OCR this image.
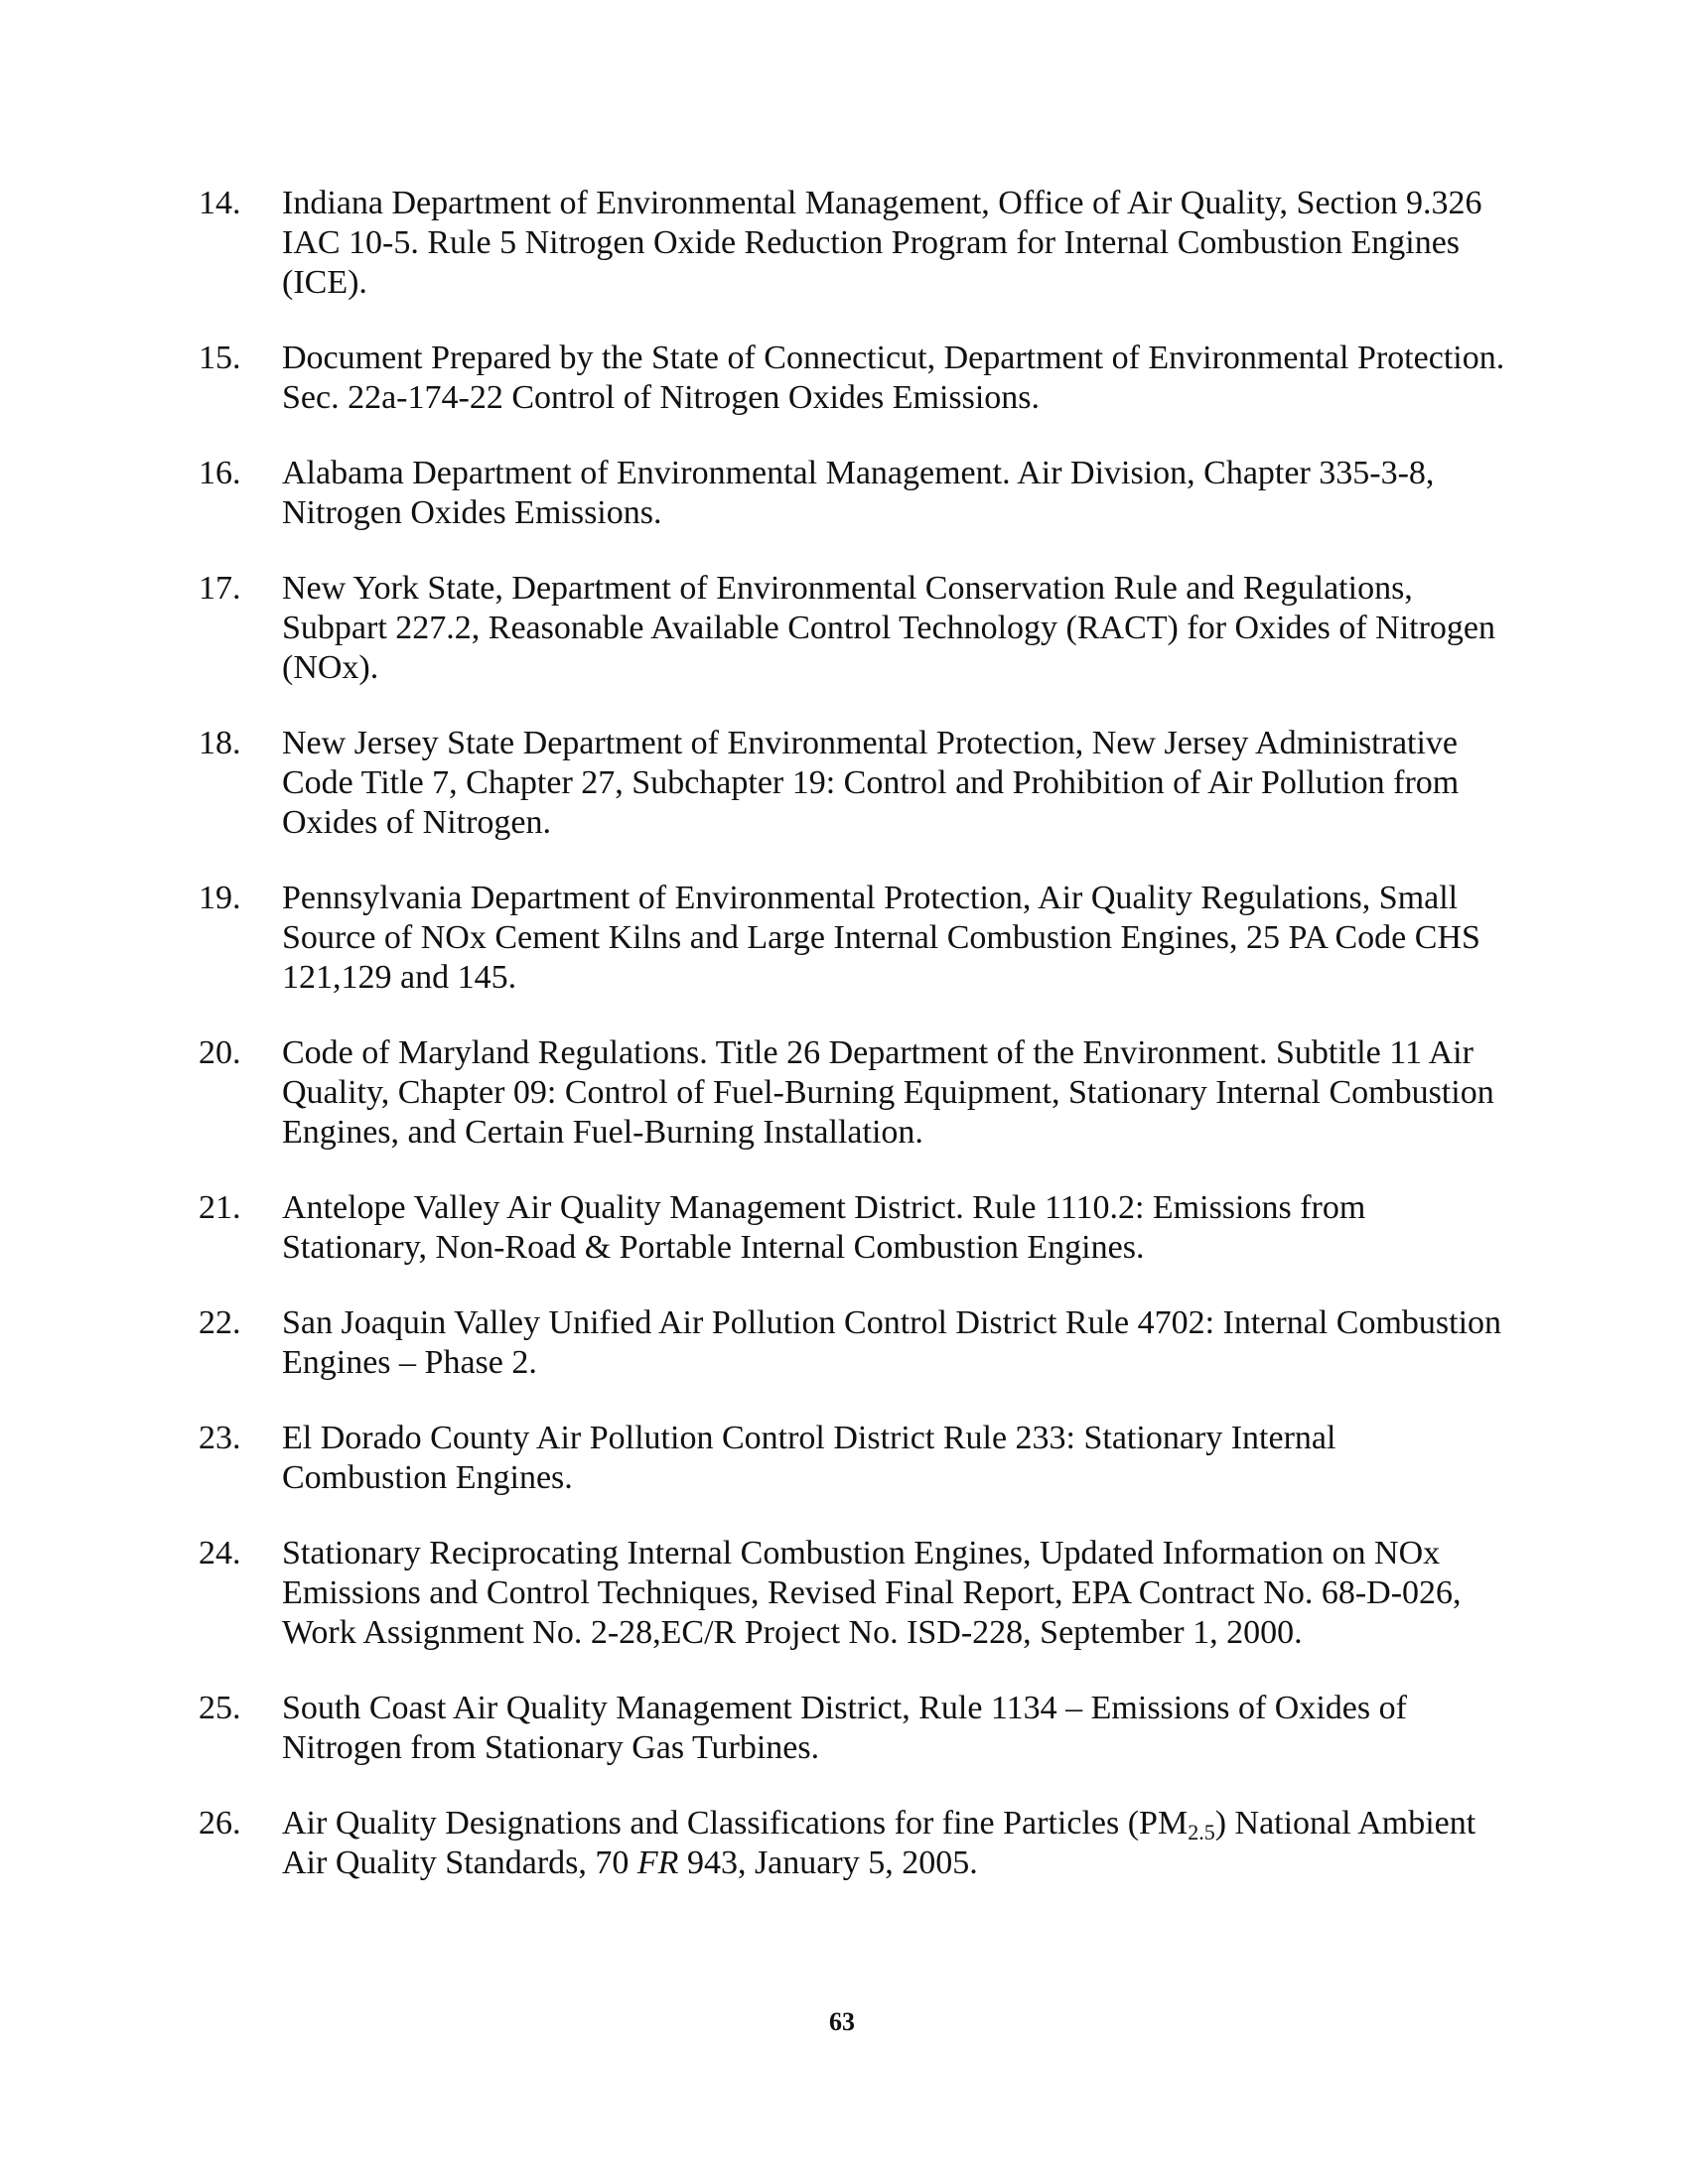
14.	Indiana Department of Environmental Management, Office of Air Quality, Section 9.326 IAC 10-5. Rule 5 Nitrogen Oxide Reduction Program for Internal Combustion Engines (ICE).
15.	Document Prepared by the State of Connecticut, Department of Environmental Protection. Sec. 22a-174-22 Control of Nitrogen Oxides Emissions.
16.	Alabama Department of Environmental Management. Air Division, Chapter 335-3-8, Nitrogen Oxides Emissions.
17.	New York State, Department of Environmental Conservation Rule and Regulations, Subpart 227.2, Reasonable Available Control Technology (RACT) for Oxides of Nitrogen (NOx).
18.	New Jersey State Department of Environmental Protection, New Jersey Administrative Code Title 7, Chapter 27, Subchapter 19: Control and Prohibition of Air Pollution from Oxides of Nitrogen.
19.	Pennsylvania Department of Environmental Protection, Air Quality Regulations, Small Source of NOx Cement Kilns and Large Internal Combustion Engines, 25 PA Code CHS 121,129 and 145.
20.	Code of Maryland Regulations. Title 26 Department of the Environment. Subtitle 11 Air Quality, Chapter 09: Control of Fuel-Burning Equipment, Stationary Internal Combustion Engines, and Certain Fuel-Burning Installation.
21.	Antelope Valley Air Quality Management District. Rule 1110.2: Emissions from Stationary, Non-Road & Portable Internal Combustion Engines.
22.	San Joaquin Valley Unified Air Pollution Control District Rule 4702: Internal Combustion Engines – Phase 2.
23.	El Dorado County Air Pollution Control District Rule 233: Stationary Internal Combustion Engines.
24.	Stationary Reciprocating Internal Combustion Engines, Updated Information on NOx Emissions and Control Techniques, Revised Final Report, EPA Contract No. 68-D-026, Work Assignment No. 2-28,EC/R Project No. ISD-228, September 1, 2000.
25.	South Coast Air Quality Management District, Rule 1134 – Emissions of Oxides of Nitrogen from Stationary Gas Turbines.
26.	Air Quality Designations and Classifications for fine Particles $(PM_{2.5})$ National Ambient Air Quality Standards, 70 FR 943, January 5, 2005.
63
